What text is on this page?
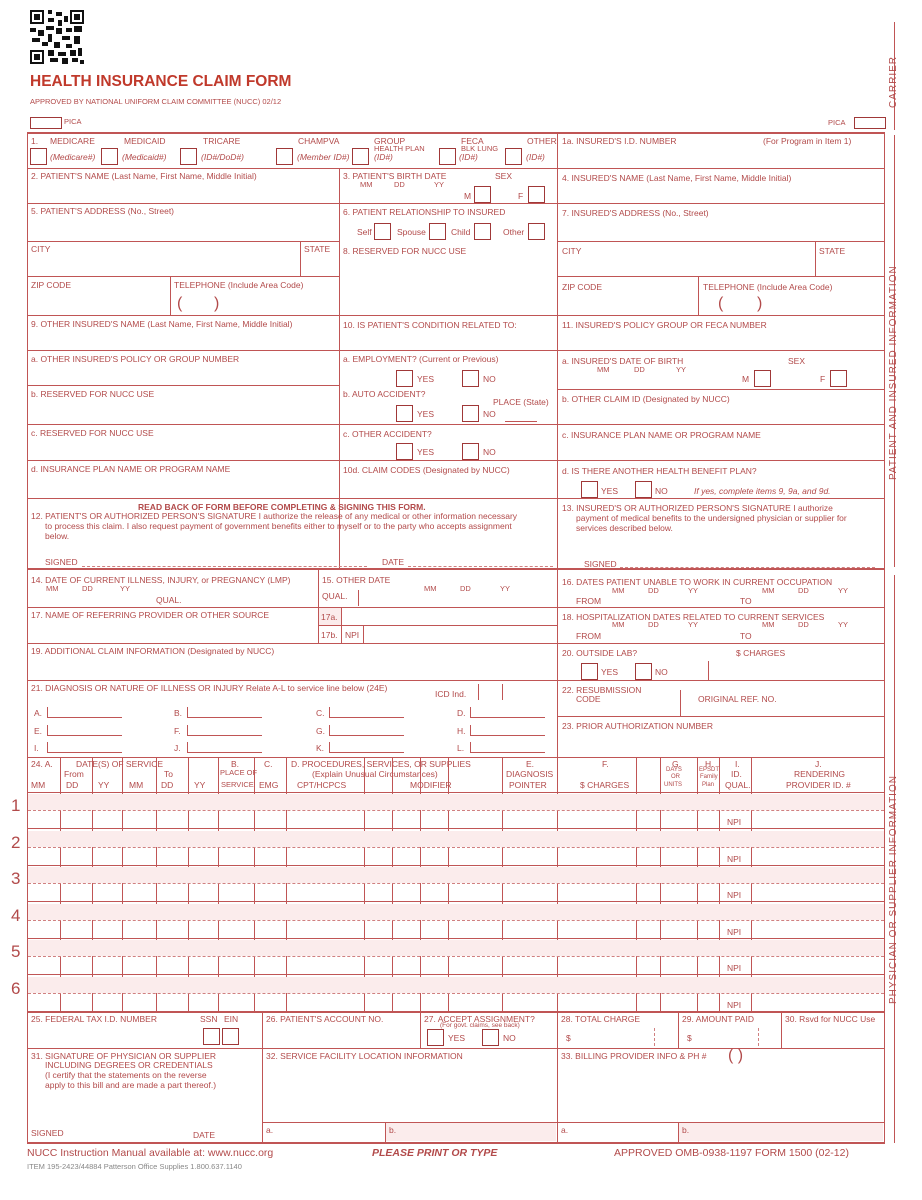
HEALTH INSURANCE CLAIM FORM
APPROVED BY NATIONAL UNIFORM CLAIM COMMITTEE (NUCC) 02/12
PICA	PICA
CARRIER
PATIENT AND INSURED INFORMATION
PHYSICIAN OR SUPPLIER INFORMATION
1. MEDICARE	MEDICAID	TRICARE	CHAMPVA	GROUP
HEALTH PLAN
FECA
BLK LUNG
OTHER
(Medicare#)	(Medicaid#)	(ID#/DoD#)	(Member ID#)	(ID#)	(ID#)	(ID#)
1a. INSURED'S I.D. NUMBER	(For Program in Item 1)
2. PATIENT'S NAME (Last Name, First Name, Middle Initial)	3. PATIENT'S BIRTH DATE
MM	DD	YY
SEX
M	F
4. INSURED'S NAME (Last Name, First Name, Middle Initial)
5. PATIENT'S ADDRESS (No., Street)	6. PATIENT RELATIONSHIP TO INSURED
Self	Spouse	Child	Other
7. INSURED'S ADDRESS (No., Street)
CITY	STATE 8. RESERVED FOR NUCC USE	CITY	STATE
ZIP CODE	TELEPHONE (Include Area Code)
( )
ZIP CODE	TELEPHONE (Include Area Code)
( )
9. OTHER INSURED'S NAME (Last Name, First Name, Middle Initial)	10. IS PATIENT'S CONDITION RELATED TO:	11. INSURED'S POLICY GROUP OR FECA NUMBER
a. OTHER INSURED'S POLICY OR GROUP NUMBER	a. EMPLOYMENT? (Current or Previous)
YES	NO
a. INSURED'S DATE OF BIRTH
MM	DD	YY
SEX
M	F
b. RESERVED FOR NUCC USE	b. AUTO ACCIDENT?
PLACE (State)
YES	NO
b. OTHER CLAIM ID (Designated by NUCC)
c. RESERVED FOR NUCC USE	c. OTHER ACCIDENT?
YES	NO
c. INSURANCE PLAN NAME OR PROGRAM NAME
d. INSURANCE PLAN NAME OR PROGRAM NAME	10d. CLAIM CODES (Designated by NUCC)	d. IS THERE ANOTHER HEALTH BENEFIT PLAN?
YES	NO	If yes, complete items 9, 9a, and 9d.
READ BACK OF FORM BEFORE COMPLETING & SIGNING THIS FORM.
12. PATIENT'S OR AUTHORIZED PERSON'S SIGNATURE I authorize the release of any medical or other information necessary
to process this claim. I also request payment of government benefits either to myself or to the party who accepts assignment
below.
SIGNED	DATE
13. INSURED'S OR AUTHORIZED PERSON'S SIGNATURE I authorize
payment of medical benefits to the undersigned physician or supplier for
services described below.
SIGNED
14. DATE OF CURRENT ILLNESS, INJURY, or PREGNANCY (LMP)
MM	DD	YY
QUAL.
15. OTHER DATE
QUAL.
MM	DD	YY
16. DATES PATIENT UNABLE TO WORK IN CURRENT OCCUPATION
MM	DD	YY	MM	DD	YY
FROM	TO
17. NAME OF REFERRING PROVIDER OR OTHER SOURCE	17a.
17b. NPI
18. HOSPITALIZATION DATES RELATED TO CURRENT SERVICES
MM	DD	YY	MM	DD	YY
FROM	TO
19. ADDITIONAL CLAIM INFORMATION (Designated by NUCC)	20. OUTSIDE LAB?	$ CHARGES
YES	NO
21. DIAGNOSIS OR NATURE OF ILLNESS OR INJURY Relate A-L to service line below (24E)
ICD Ind.
A.	B.	C.	D.
E.	F.	G.	H.
I.	J.	K.	L.
22. RESUBMISSION
CODE	ORIGINAL REF. NO.
23. PRIOR AUTHORIZATION NUMBER
24. A.	DATE(S) OF SERVICE
From	To
MM DD YY MM DD YY
B.
PLACE OF
SERVICE
C.
EMG
D. PROCEDURES, SERVICES, OR SUPPLIES
(Explain Unusual Circumstances)
CPT/HCPCS	MODIFIER
E.
DIAGNOSIS
POINTER
F.
$ CHARGES
G.
DAYS
OR
UNITS
H.
EPSDT
Family
Plan
I.
ID.
QUAL.
J.
RENDERING
PROVIDER ID. #
1
NPI
2
NPI
3
NPI
4
NPI
5
NPI
6
NPI
25. FEDERAL TAX I.D. NUMBER	SSN EIN	26. PATIENT'S ACCOUNT NO.	27. ACCEPT ASSIGNMENT?
(For govt. claims, see back)
YES	NO
28. TOTAL CHARGE
$
29. AMOUNT PAID
$
30. Rsvd for NUCC Use
31. SIGNATURE OF PHYSICIAN OR SUPPLIER
INCLUDING DEGREES OR CREDENTIALS
(I certify that the statements on the reverse
apply to this bill and are made a part thereof.)
SIGNED	DATE
32. SERVICE FACILITY LOCATION INFORMATION	33. BILLING PROVIDER INFO & PH # ( )
a.	b.	a.	b.
NUCC Instruction Manual available at: www.nucc.org	PLEASE PRINT OR TYPE	APPROVED OMB-0938-1197 FORM 1500 (02-12)
ITEM 195-2423/44884 Patterson Office Supplies 1.800.637.1140
